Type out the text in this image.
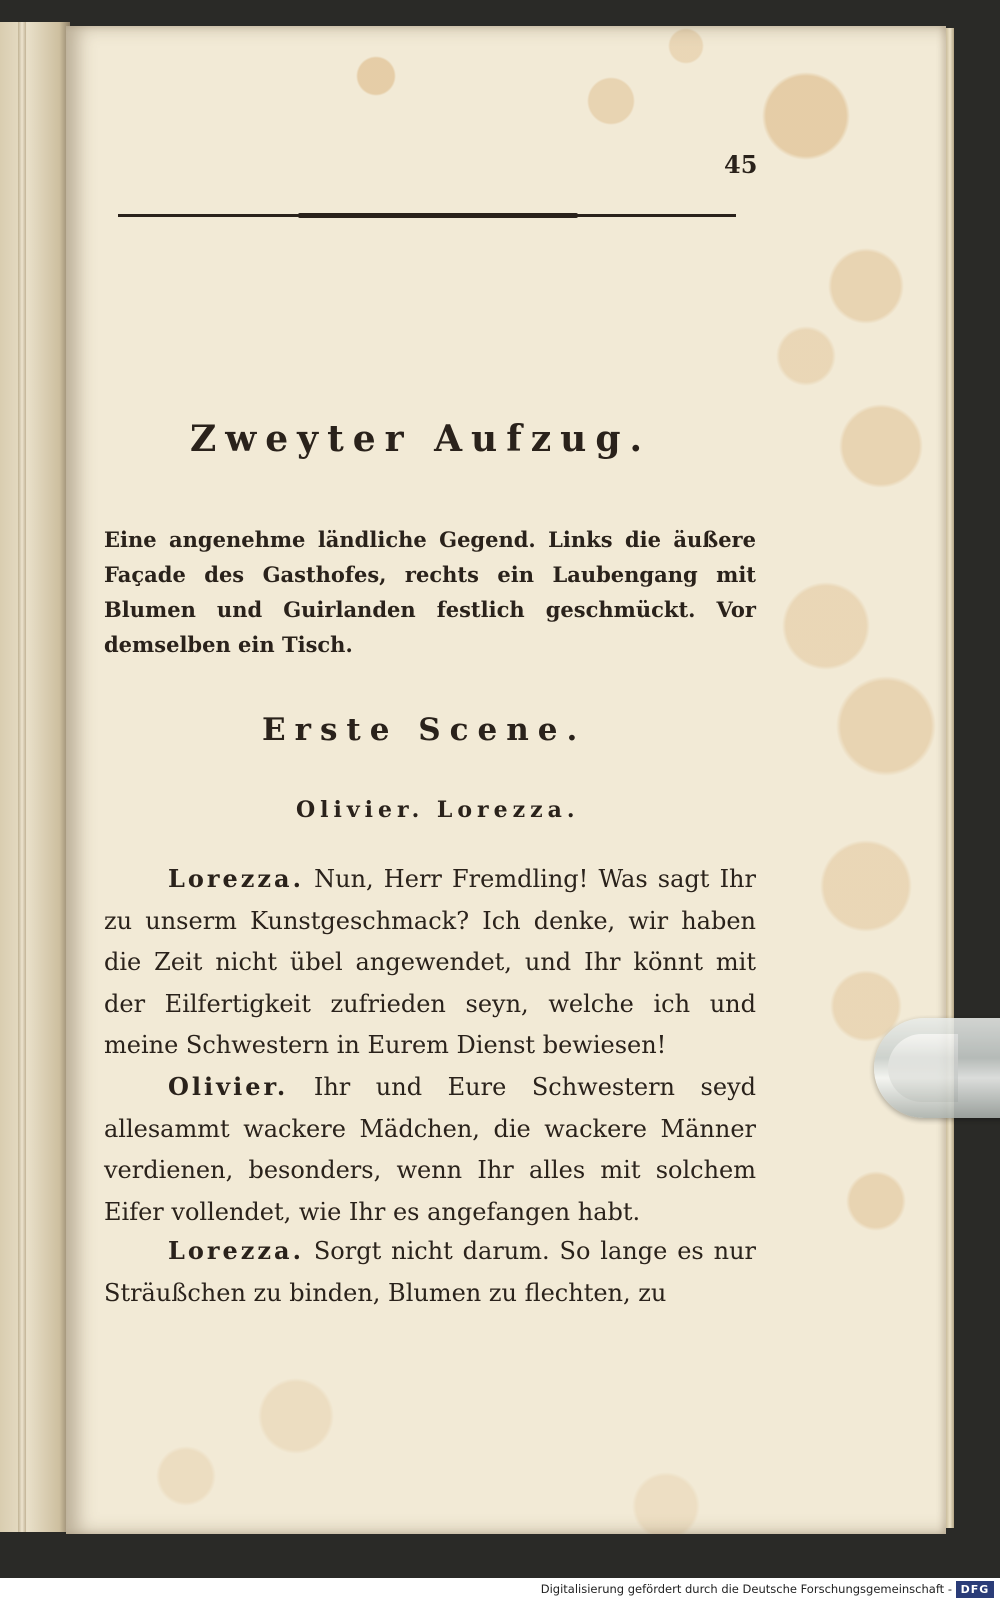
45
Zweyter Aufzug.
Eine angenehme ländliche Gegend. Links die äußere Façade des Gasthofes, rechts ein Laubengang mit Blumen und Guirlanden festlich geschmückt. Vor demselben ein Tisch.
Erste Scene.
Olivier. Lorezza.
Lorezza. Nun, Herr Fremdling! Was sagt Ihr zu unserm Kunstgeschmack? Ich denke, wir haben die Zeit nicht übel angewendet, und Ihr könnt mit der Eilfertigkeit zufrieden seyn, welche ich und meine Schwestern in Eurem Dienst bewiesen!
Olivier. Ihr und Eure Schwestern seyd allesammt wackere Mädchen, die wackere Männer verdienen, besonders, wenn Ihr alles mit solchem Eifer vollendet, wie Ihr es angefangen habt.
Lorezza. Sorgt nicht darum. So lange es nur Sträußchen zu binden, Blumen zu flechten, zu
Digitalisierung gefördert durch die Deutsche Forschungsgemeinschaft - DFG
